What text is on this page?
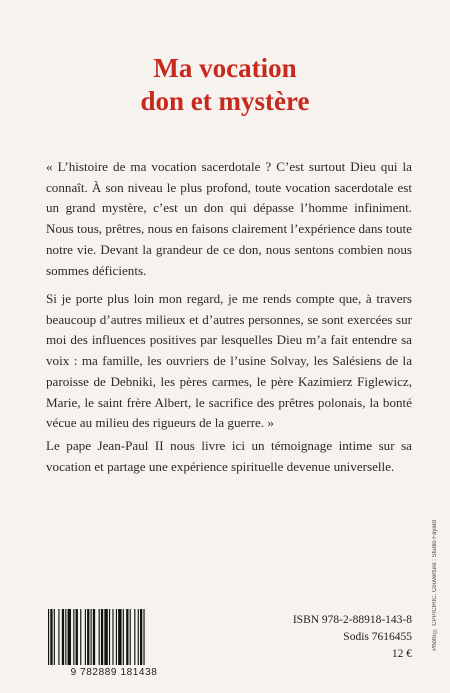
Ma vocation
don et mystère

« L’histoire de ma vocation sacerdotale ? C’est surtout Dieu qui la connaît. À son niveau le plus profond, toute vocation sacerdotale est un grand mystère, c’est un don qui dépasse l’homme infiniment. Nous tous, prêtres, nous en faisons clairement l’expérience dans toute notre vie. Devant la grandeur de ce don, nous sentons combien nous sommes déficients.

Si je porte plus loin mon regard, je me rends compte que, à travers beaucoup d’autres milieux et d’autres personnes, se sont exercées sur moi des influences positives par lesquelles Dieu m’a fait entendre sa voix : ma famille, les ouvriers de l’usine Solvay, les Salésiens de la paroisse de Debniki, les pères carmes, le père Kazimierz Figlewicz, Marie, le saint frère Albert, le sacrifice des prêtres polonais, la bonté vécue au milieu des rigueurs de la guerre. »

Le pape Jean-Paul II nous livre ici un témoignage intime sur sa vocation et partage une expérience spirituelle devenue universelle.

Photo © CPP/CIRIC. Couverture : Studio Fayard
9 782889 181438
ISBN 978-2-88918-143-8
Sodis 7616455
12 €
